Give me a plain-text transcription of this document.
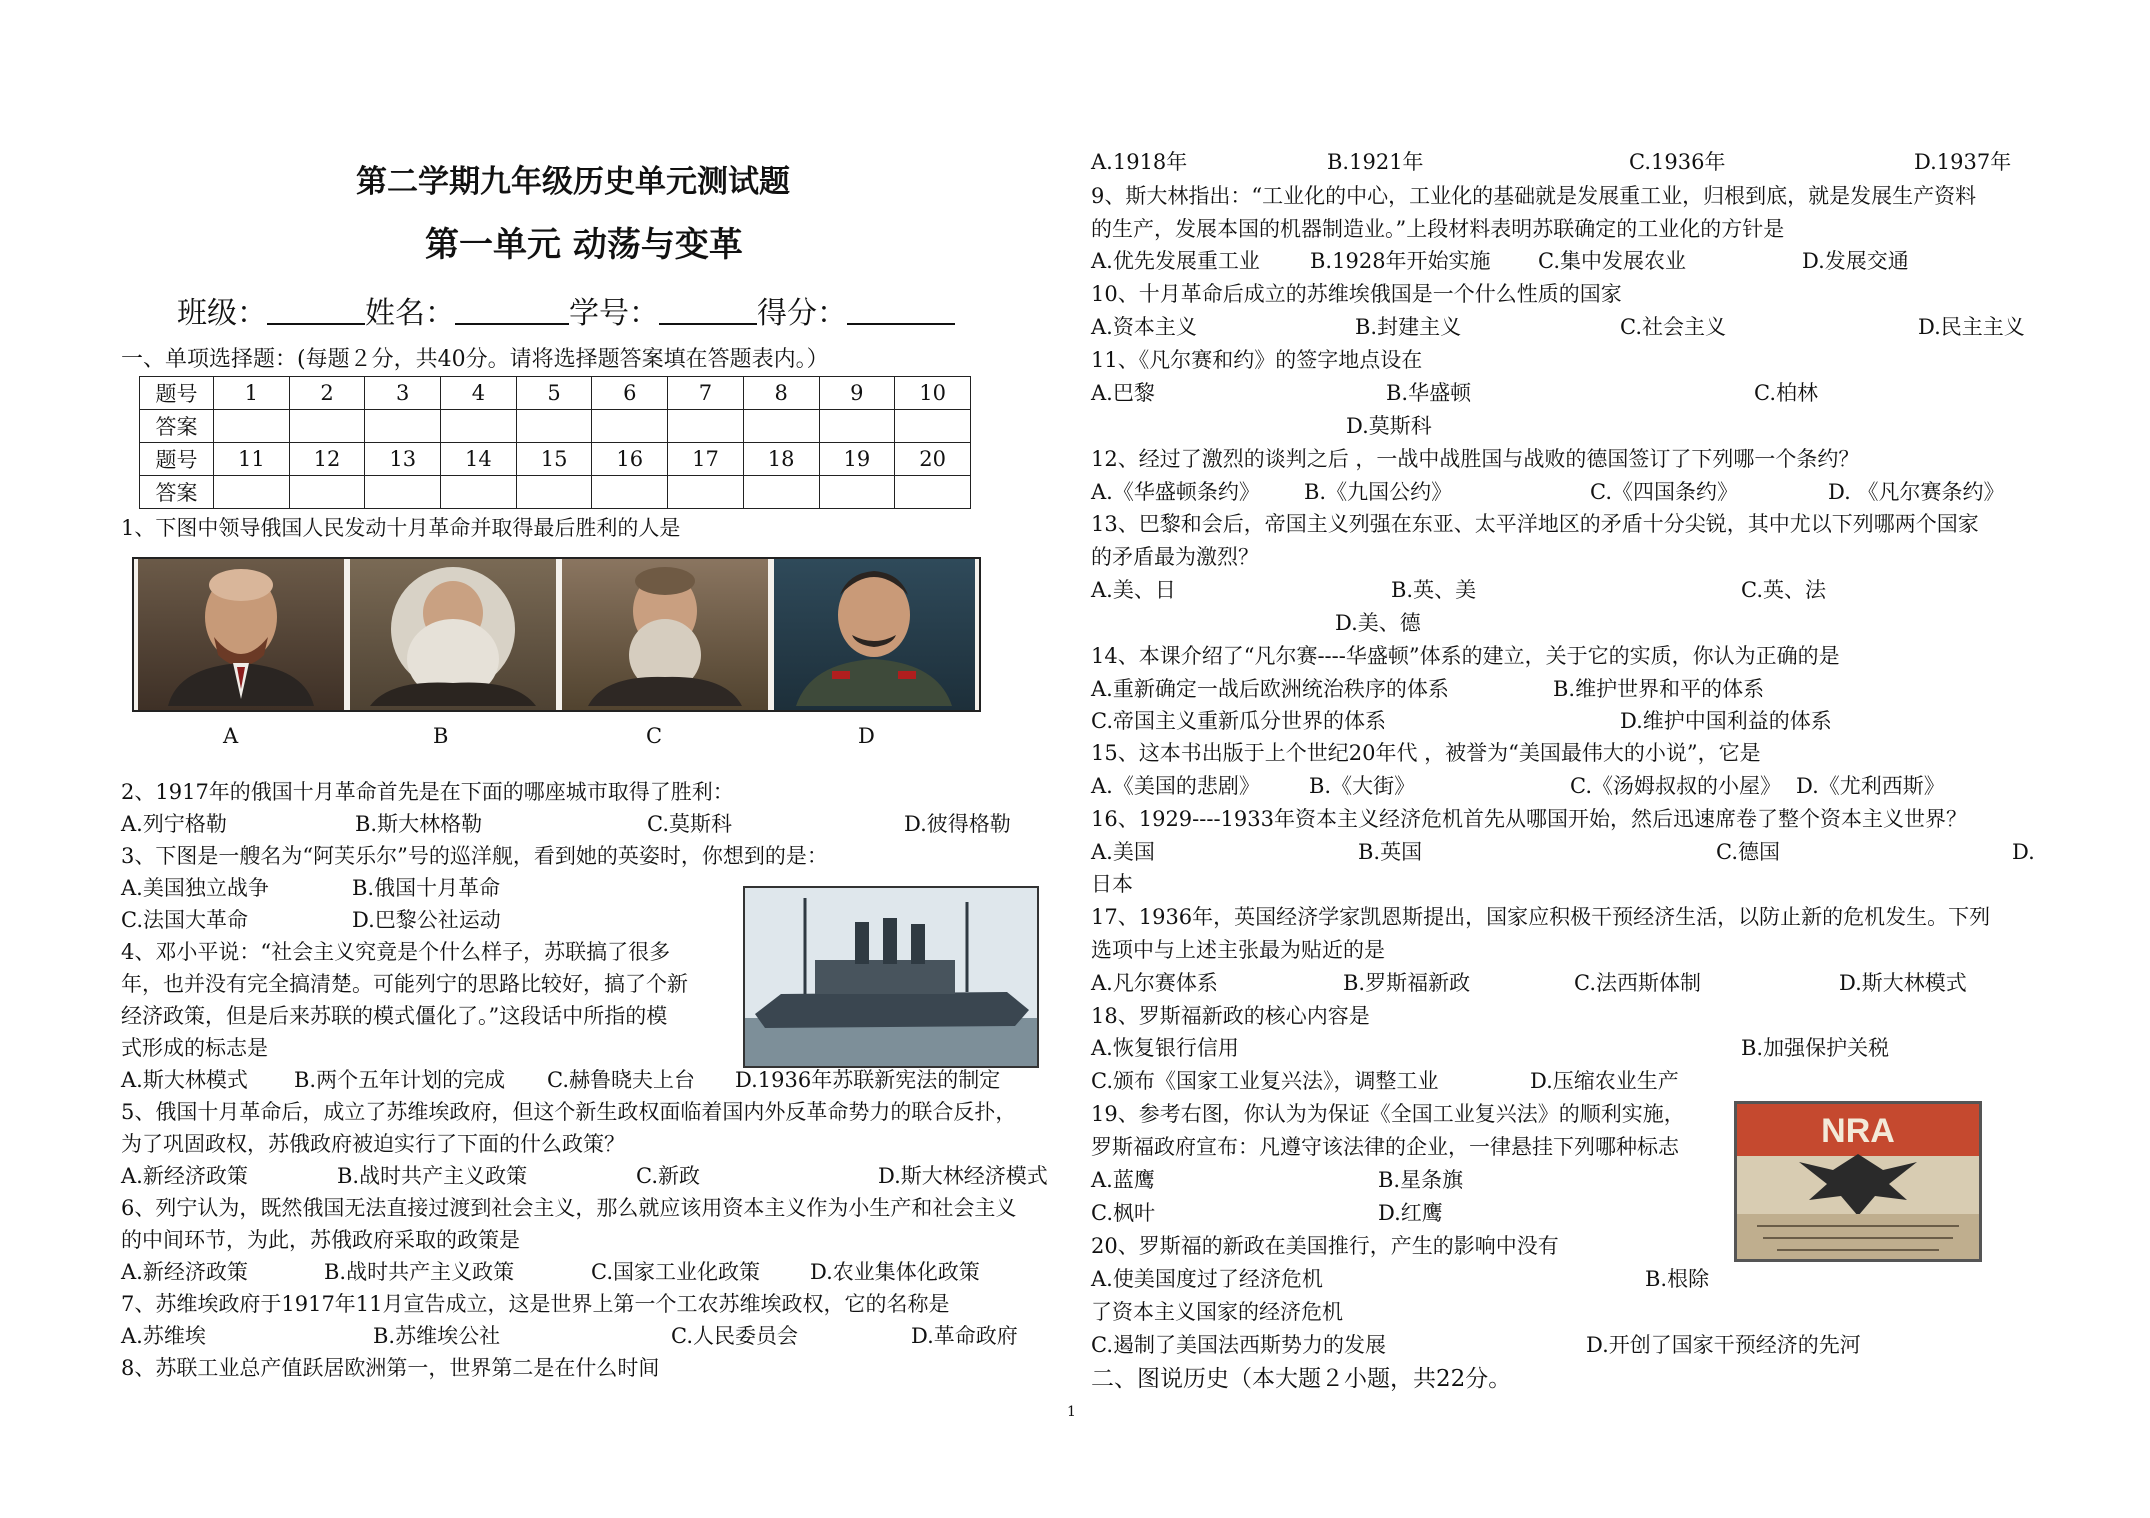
第二学期九年级历史单元测试题
第一单元 动荡与变革
班级：	姓名：	学号：	得分：
一、单项选择题：(每题２分，共40分。请将选择题答案填在答题表内。）
题号	1	2	3	4	5	6	7	8	9	10
答案										
题号	11	12	13	14	15	16	17	18	19	20
答案										
1、下图中领导俄国人民发动十月革命并取得最后胜利的人是
A	B	C	D
2、1917年的俄国十月革命首先是在下面的哪座城市取得了胜利：
A.列宁格勒	B.斯大林格勒	C.莫斯科	D.彼得格勒
3、下图是一艘名为“阿芙乐尔”号的巡洋舰，看到她的英姿时，你想到的是：
A.美国独立战争	B.俄国十月革命
C.法国大革命	D.巴黎公社运动
4、邓小平说：“社会主义究竟是个什么样子，苏联搞了很多
年，也并没有完全搞清楚。可能列宁的思路比较好，搞了个新
经济政策，但是后来苏联的模式僵化了。”这段话中所指的模
式形成的标志是
A.斯大林模式 B.两个五年计划的完成 C.赫鲁晓夫上台 D.1936年苏联新宪法的制定
5、俄国十月革命后，成立了苏维埃政府，但这个新生政权面临着国内外反革命势力的联合反扑，
为了巩固政权，苏俄政府被迫实行了下面的什么政策？
A.新经济政策	B.战时共产主义政策	C.新政	D.斯大林经济模式
6、列宁认为，既然俄国无法直接过渡到社会主义，那么就应该用资本主义作为小生产和社会主义
的中间环节，为此，苏俄政府采取的政策是
A.新经济政策	B.战时共产主义政策	C.国家工业化政策 D.农业集体化政策
7、苏维埃政府于1917年11月宣告成立，这是世界上第一个工农苏维埃政权，它的名称是
A.苏维埃	B.苏维埃公社	C.人民委员会	D.革命政府
8、苏联工业总产值跃居欧洲第一，世界第二是在什么时间
A.1918年	B.1921年	C.1936年	D.1937年
9、斯大林指出：“工业化的中心，工业化的基础就是发展重工业，归根到底，就是发展生产资料
的生产，发展本国的机器制造业。”上段材料表明苏联确定的工业化的方针是
A.优先发展重工业 B.1928年开始实施 C.集中发展农业	D.发展交通
10、十月革命后成立的苏维埃俄国是一个什么性质的国家
A.资本主义	B.封建主义	C.社会主义	D.民主主义
11、《凡尔赛和约》的签字地点设在
A.巴黎	B.华盛顿	C.柏林
D.莫斯科
12、经过了激烈的谈判之后 ，一战中战胜国与战败的德国签订了下列哪一个条约？
A.《华盛顿条约》 B.《九国公约》	C.《四国条约》	D. 《凡尔赛条约》
13、巴黎和会后，帝国主义列强在东亚、太平洋地区的矛盾十分尖锐，其中尤以下列哪两个国家
的矛盾最为激烈？
A.美、日	B.英、美	C.英、法
D.美、德
14、本课介绍了“凡尔赛----华盛顿”体系的建立，关于它的实质，你认为正确的是
A.重新确定一战后欧洲统治秩序的体系	B.维护世界和平的体系
C.帝国主义重新瓜分世界的体系	D.维护中国利益的体系
15、这本书出版于上个世纪20年代 ，被誉为“美国最伟大的小说”，它是
A.《美国的悲剧》 B.《大街》	C.《汤姆叔叔的小屋》 D.《尤利西斯》
16、1929----1933年资本主义经济危机首先从哪国开始，然后迅速席卷了整个资本主义世界？
A.美国	B.英国	C.德国	D.
日本
17、1936年，英国经济学家凯恩斯提出，国家应积极干预经济生活，以防止新的危机发生。下列
选项中与上述主张最为贴近的是
A.凡尔赛体系	B.罗斯福新政	C.法西斯体制	D.斯大林模式
18、罗斯福新政的核心内容是
A.恢复银行信用	B.加强保护关税
C.颁布《国家工业复兴法》，调整工业	D.压缩农业生产
19、参考右图，你认为为保证《全国工业复兴法》的顺利实施，
罗斯福政府宣布：凡遵守该法律的企业，一律悬挂下列哪种标志
A.蓝鹰	B.星条旗
C.枫叶	D.红鹰
NRA
20、罗斯福的新政在美国推行，产生的影响中没有
A.使美国度过了经济危机	B.根除
了资本主义国家的经济危机
C.遏制了美国法西斯势力的发展	D.开创了国家干预经济的先河
二、图说历史（本大题２小题，共22分。
1
